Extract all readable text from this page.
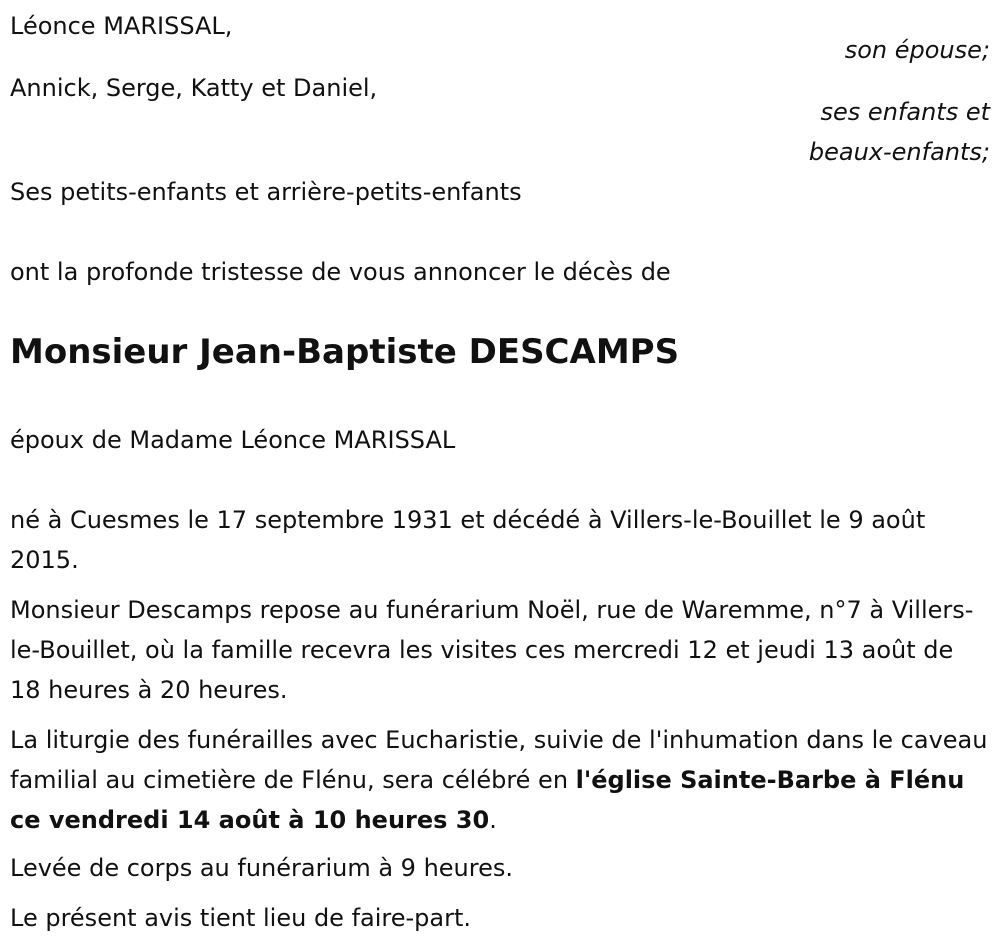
Léonce MARISSAL,

son épouse;

Annick, Serge, Katty et Daniel,

ses enfants et beaux-enfants;

Ses petits-enfants et arrière-petits-enfants

ont la profonde tristesse de vous annoncer le décès de

Monsieur Jean-Baptiste DESCAMPS

époux de Madame Léonce MARISSAL

né à Cuesmes le 17 septembre 1931 et décédé à Villers-le-Bouillet le 9 août 2015.

Monsieur Descamps repose au funérarium Noël, rue de Waremme, n°7 à Villers-le-Bouillet, où la famille recevra les visites ces mercredi 12 et jeudi 13 août de 18 heures à 20 heures.

La liturgie des funérailles avec Eucharistie, suivie de l'inhumation dans le caveau familial au cimetière de Flénu, sera célébré en l'église Sainte-Barbe à Flénu ce vendredi 14 août à 10 heures 30.

Levée de corps au funérarium à 9 heures.

Le présent avis tient lieu de faire-part.
